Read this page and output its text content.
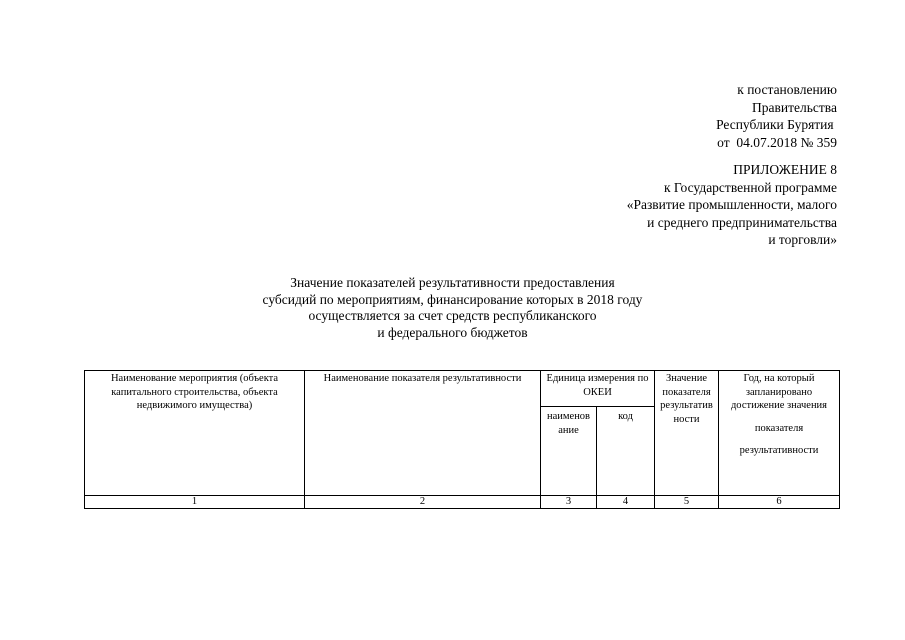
к постановлению
Правительства
Республики Бурятия
от  04.07.2018 № 359
ПРИЛОЖЕНИЕ 8
к Государственной программе
«Развитие промышленности, малого
и среднего предпринимательства
и торговли»
Значение показателей результативности предоставления
субсидий по мероприятиям, финансирование которых в 2018 году
осуществляется за счет средств республиканского
и федерального бюджетов
Наименование мероприятия (объекта капитального строительства, объекта недвижимого имущества)	Наименование показателя результативности	Единица измерения по ОКЕИ		Значение показателя результатив ности	Год, на который запланировано
достижение значения
показателя
результативности

		наименов ание	код		
1	2	3	4	5	6
